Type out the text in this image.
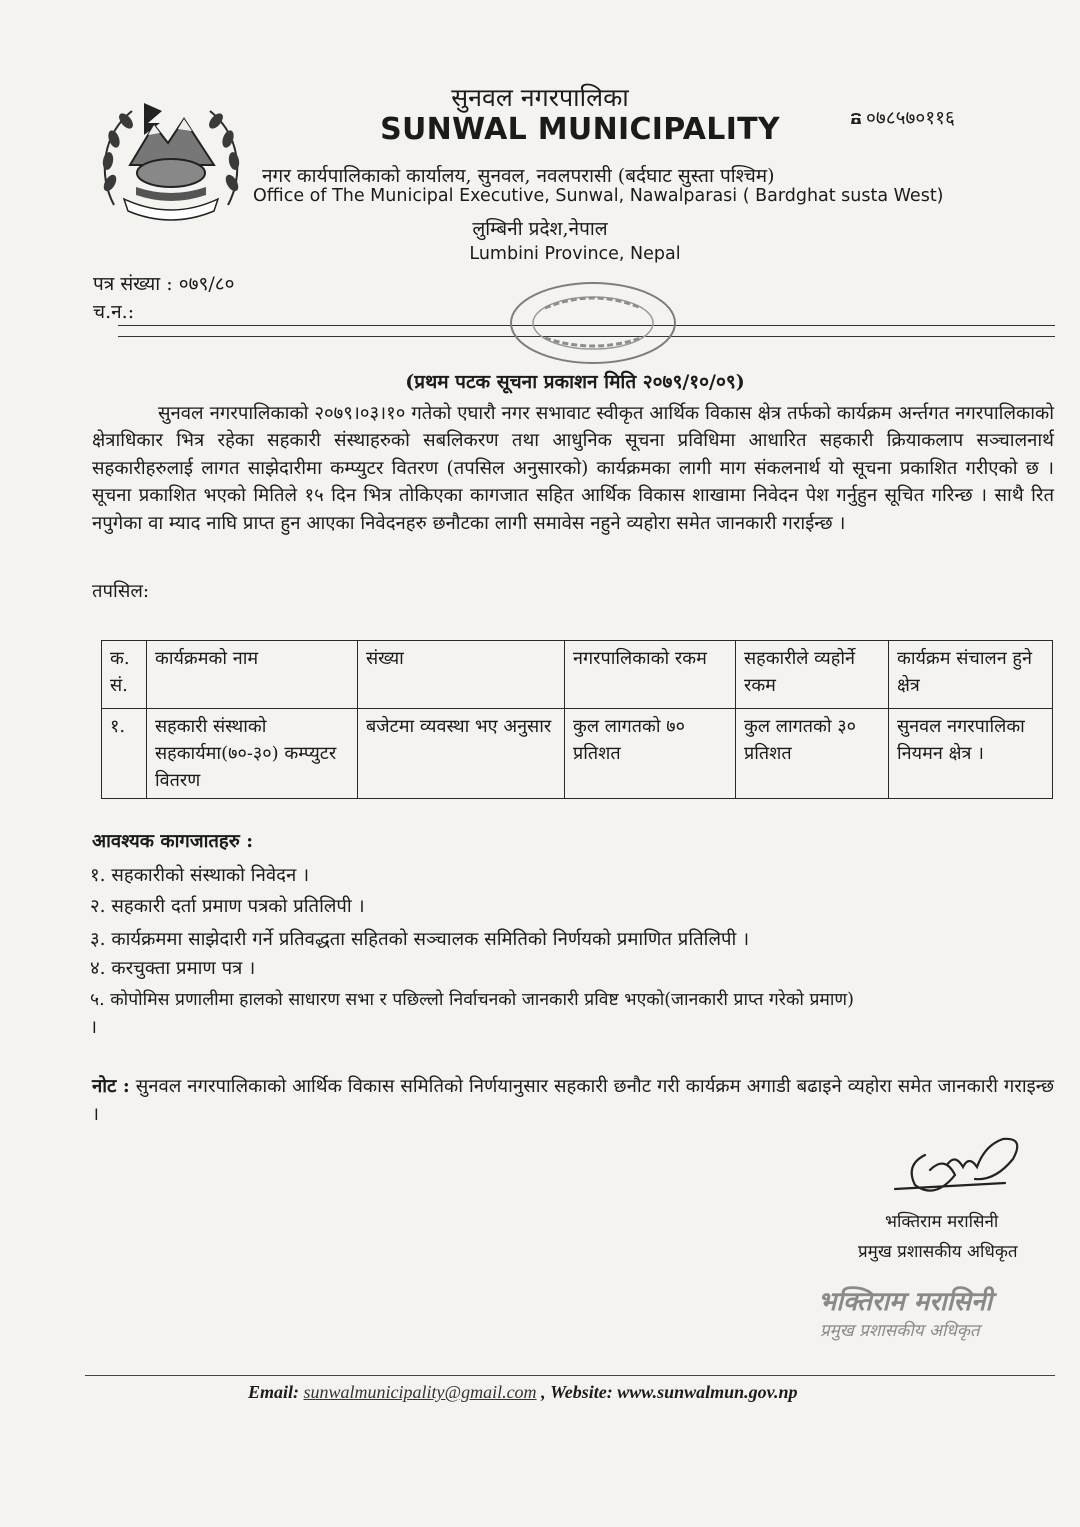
सुनवल नगरपालिका
SUNWAL MUNICIPALITY	०७८५७०११६
नगर कार्यपालिकाको कार्यालय, सुनवल, नवलपरासी (बर्दघाट सुस्ता पश्चिम)
Office of The Municipal Executive, Sunwal, Nawalparasi ( Bardghat susta West)
लुम्बिनी प्रदेश,नेपाल
Lumbini Province, Nepal
पत्र संख्या : ०७९/८०
च.न.:
(प्रथम पटक सूचना प्रकाशन मिति २०७९/१०/०९)

सुनवल नगरपालिकाको २०७९।०३।१० गतेको एघारौ नगर सभावाट स्वीकृत आर्थिक विकास क्षेत्र तर्फको कार्यक्रम अर्न्तगत नगरपालिकाको क्षेत्राधिकार भित्र रहेका सहकारी संस्थाहरुको सबलिकरण तथा आधुनिक सूचना प्रविधिमा आधारित सहकारी क्रियाकलाप सञ्चालनार्थ सहकारीहरुलाई लागत साझेदारीमा कम्प्युटर वितरण (तपसिल अनुसारको) कार्यक्रमका लागी माग संकलनार्थ यो सूचना प्रकाशित गरीएको छ । सूचना प्रकाशित भएको मितिले १५ दिन भित्र तोकिएका कागजात सहित आर्थिक विकास शाखामा निवेदन पेश गर्नुहुन सूचित गरिन्छ । साथै रित नपुगेका वा म्याद नाघि प्राप्त हुन आएका निवेदनहरु छनौटका लागी समावेस नहुने व्यहोरा समेत जानकारी गराईन्छ ।

तपसिल:
क. सं.	कार्यक्रमको नाम	संख्या	नगरपालिकाको रकम	सहकारीले व्यहोर्ने रकम	कार्यक्रम संचालन हुने क्षेत्र
१.	सहकारी संस्थाको सहकार्यमा(७०-३०) कम्प्युटर वितरण	बजेटमा व्यवस्था भए अनुसार	कुल लागतको ७० प्रतिशत	कुल लागतको ३० प्रतिशत	सुनवल नगरपालिका नियमन क्षेत्र ।
आवश्यक कागजातहरु :
१. सहकारीको संस्थाको निवेदन ।
२. सहकारी दर्ता प्रमाण पत्रको प्रतिलिपी ।
३. कार्यक्रममा साझेदारी गर्ने प्रतिवद्धता सहितको सञ्चालक समितिको निर्णयको प्रमाणित प्रतिलिपी ।
४. करचुक्ता प्रमाण पत्र ।
५. कोपोमिस प्रणालीमा हालको साधारण सभा र पछिल्लो निर्वाचनको जानकारी प्रविष्ट भएको(जानकारी प्राप्त गरेको प्रमाण)
।

नोट : सुनवल नगरपालिकाको आर्थिक विकास समितिको निर्णयानुसार सहकारी छनौट गरी कार्यक्रम अगाडी बढाइने व्यहोरा समेत जानकारी गराइन्छ ।

भक्तिराम मरासिनी
प्रमुख प्रशासकीय अधिकृत
भक्तिराम मरासिनी
प्रमुख प्रशासकीय अधिकृत
Email: sunwalmunicipality@gmail.com , Website: www.sunwalmun.gov.np
